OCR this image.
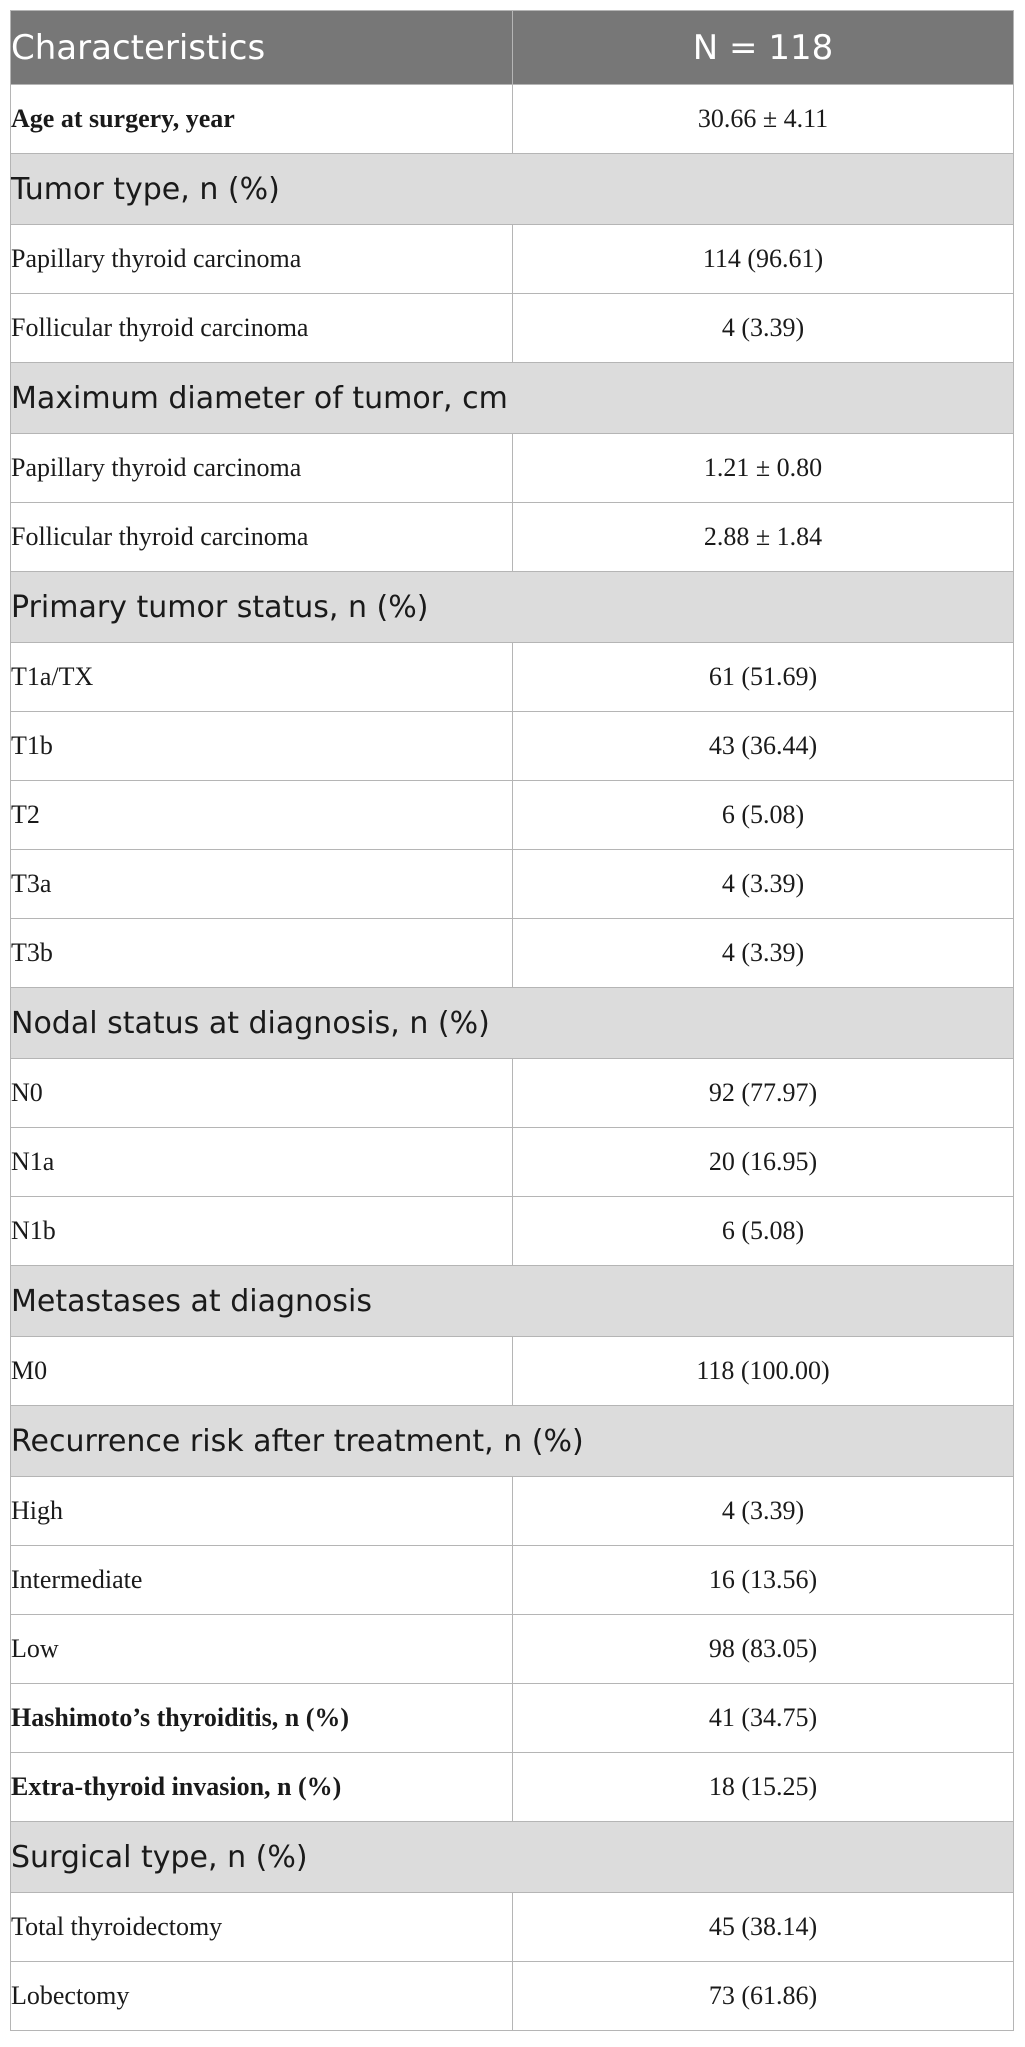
Characteristics	N = 118
Age at surgery, year	30.66 ± 4.11
Tumor type, n (%)	
Papillary thyroid carcinoma	114 (96.61)
Follicular thyroid carcinoma	4 (3.39)
Maximum diameter of tumor, cm	
Papillary thyroid carcinoma	1.21 ± 0.80
Follicular thyroid carcinoma	2.88 ± 1.84
Primary tumor status, n (%)	
T1a/TX	61 (51.69)
T1b	43 (36.44)
T2	6 (5.08)
T3a	4 (3.39)
T3b	4 (3.39)
Nodal status at diagnosis, n (%)	
N0	92 (77.97)
N1a	20 (16.95)
N1b	6 (5.08)
Metastases at diagnosis	
M0	118 (100.00)
Recurrence risk after treatment, n (%)	
High	4 (3.39)
Intermediate	16 (13.56)
Low	98 (83.05)
Hashimoto’s thyroiditis, n (%)	41 (34.75)
Extra-thyroid invasion, n (%)	18 (15.25)
Surgical type, n (%)	
Total thyroidectomy	45 (38.14)
Lobectomy	73 (61.86)
